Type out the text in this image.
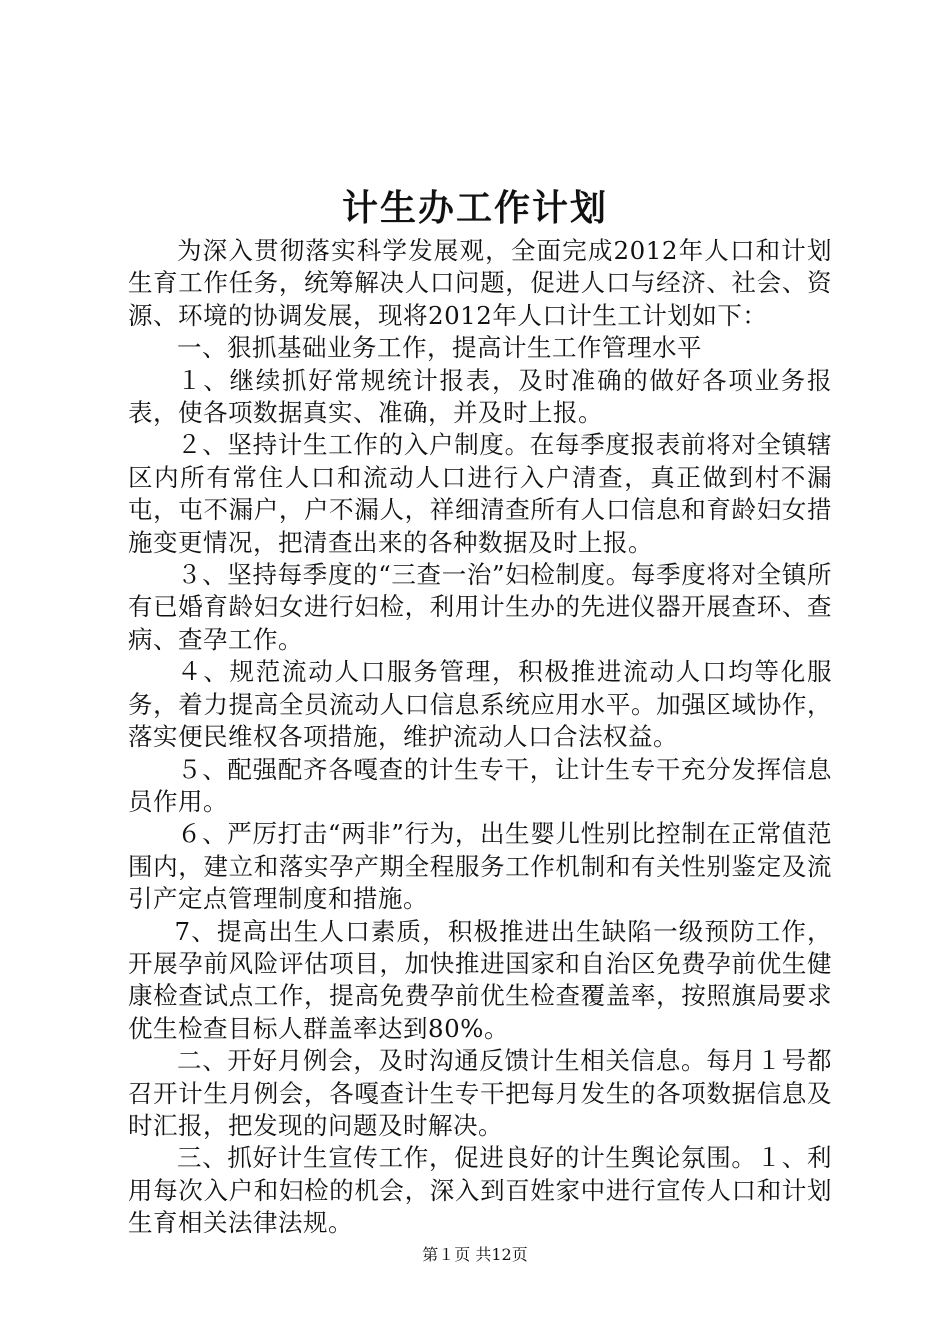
计生办工作计划

为深入贯彻落实科学发展观，全面完成2012年人口和计划生育工作任务，统筹解决人口问题，促进人口与经济、社会、资源、环境的协调发展，现将2012年人口计生工计划如下：

一、狠抓基础业务工作，提高计生工作管理水平

１、继续抓好常规统计报表，及时准确的做好各项业务报表，使各项数据真实、准确，并及时上报。

２、坚持计生工作的入户制度。在每季度报表前将对全镇辖区内所有常住人口和流动人口进行入户清查，真正做到村不漏屯，屯不漏户，户不漏人，祥细清查所有人口信息和育龄妇女措施变更情况，把清查出来的各种数据及时上报。

３、坚持每季度的“三查一治”妇检制度。每季度将对全镇所有已婚育龄妇女进行妇检，利用计生办的先进仪器开展查环、查病、查孕工作。

４、规范流动人口服务管理，积极推进流动人口均等化服务，着力提高全员流动人口信息系统应用水平。加强区域协作，落实便民维权各项措施，维护流动人口合法权益。

５、配强配齐各嘎查的计生专干，让计生专干充分发挥信息员作用。

６、严厉打击“两非”行为，出生婴儿性别比控制在正常值范围内，建立和落实孕产期全程服务工作机制和有关性别鉴定及流引产定点管理制度和措施。

7、提高出生人口素质，积极推进出生缺陷一级预防工作，开展孕前风险评估项目，加快推进国家和自治区免费孕前优生健康检查试点工作，提高免费孕前优生检查覆盖率，按照旗局要求优生检查目标人群盖率达到80%。

二、开好月例会，及时沟通反馈计生相关信息。每月１号都召开计生月例会，各嘎查计生专干把每月发生的各项数据信息及时汇报，把发现的问题及时解决。

三、抓好计生宣传工作，促进良好的计生舆论氛围。１、利用每次入户和妇检的机会，深入到百姓家中进行宣传人口和计划生育相关法律法规。

第１页 共12页
